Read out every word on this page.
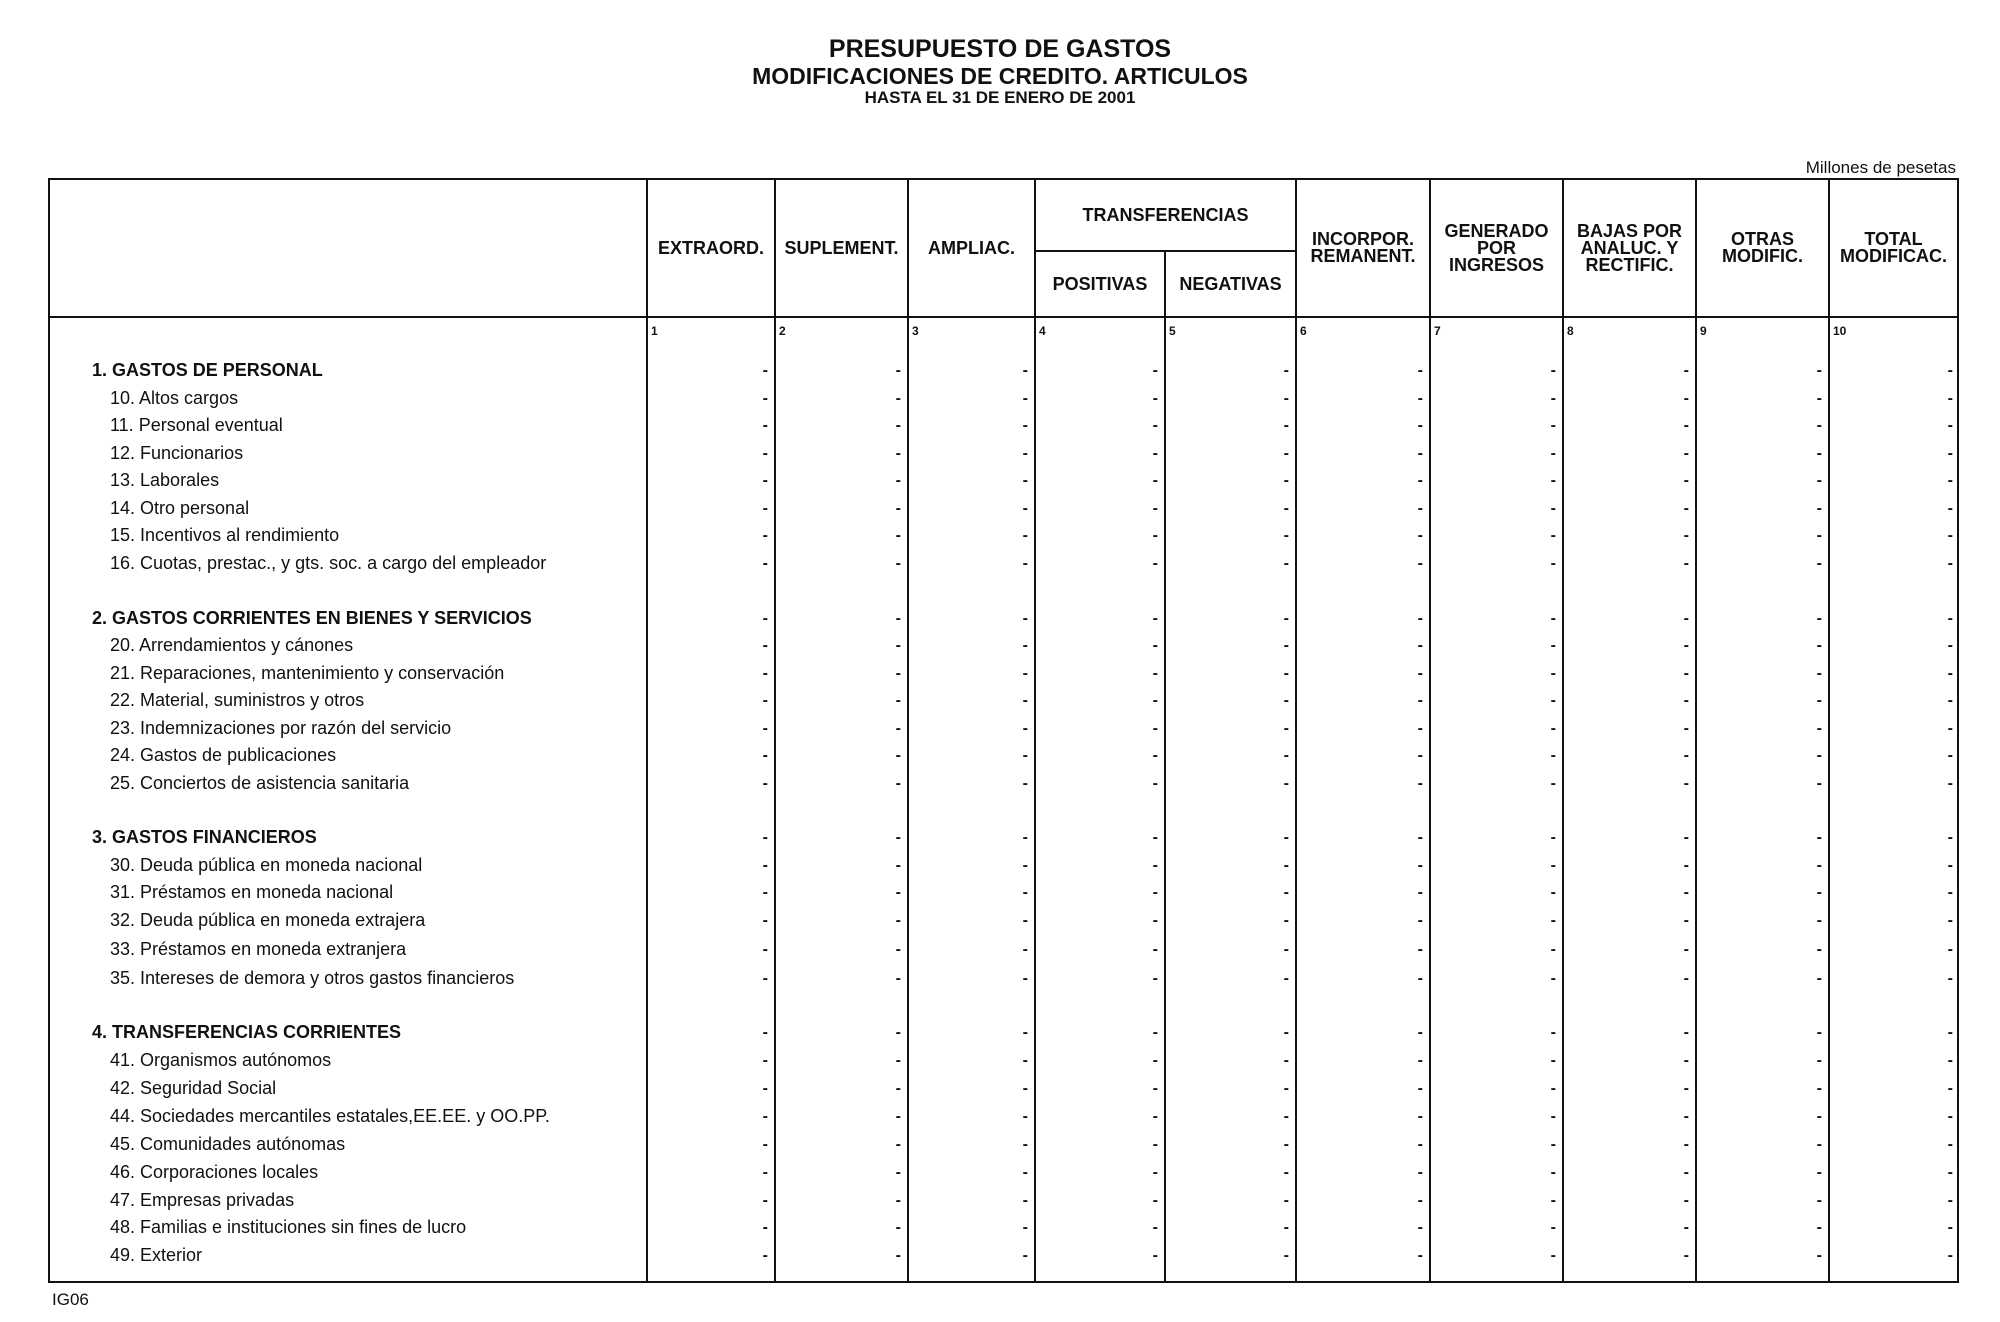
PRESUPUESTO DE GASTOS
MODIFICACIONES DE CREDITO. ARTICULOS
HASTA EL 31 DE ENERO DE 2001
Millones de pesetas
EXTRAORD. SUPLEMENT. AMPLIAC.
TRANSFERENCIAS
POSITIVAS NEGATIVAS
INCORPOR.
REMANENT.
GENERADO
POR
INGRESOS
BAJAS POR
ANALUC. Y
RECTIFIC.
OTRAS
MODIFIC.
TOTAL
MODIFICAC.
1	2	3	4	5	6	7	8	9	10
1. GASTOS DE PERSONAL	-	-	-	-	-	-	-	-	-	-
10. Altos cargos	-	-	-	-	-	-	-	-	-	-
11. Personal eventual	-	-	-	-	-	-	-	-	-	-
12. Funcionarios	-	-	-	-	-	-	-	-	-	-
13. Laborales	-	-	-	-	-	-	-	-	-	-
14. Otro personal	-	-	-	-	-	-	-	-	-	-
15. Incentivos al rendimiento	-	-	-	-	-	-	-	-	-	-
16. Cuotas, prestac., y gts. soc. a cargo del empleador	-	-	-	-	-	-	-	-	-	-
2. GASTOS CORRIENTES EN BIENES Y SERVICIOS	-	-	-	-	-	-	-	-	-	-
20. Arrendamientos y cánones	-	-	-	-	-	-	-	-	-	-
21. Reparaciones, mantenimiento y conservación	-	-	-	-	-	-	-	-	-	-
22. Material, suministros y otros	-	-	-	-	-	-	-	-	-	-
23. Indemnizaciones por razón del servicio	-	-	-	-	-	-	-	-	-	-
24. Gastos de publicaciones	-	-	-	-	-	-	-	-	-	-
25. Conciertos de asistencia sanitaria	-	-	-	-	-	-	-	-	-	-
3. GASTOS FINANCIEROS	-	-	-	-	-	-	-	-	-	-
30. Deuda pública en moneda nacional	-	-	-	-	-	-	-	-	-	-
31. Préstamos en moneda nacional	-	-	-	-	-	-	-	-	-	-
32. Deuda pública en moneda extrajera	-	-	-	-	-	-	-	-	-	-
33. Préstamos en moneda extranjera	-	-	-	-	-	-	-	-	-	-
35. Intereses de demora y otros gastos financieros	-	-	-	-	-	-	-	-	-	-
4. TRANSFERENCIAS CORRIENTES	-	-	-	-	-	-	-	-	-	-
41. Organismos autónomos	-	-	-	-	-	-	-	-	-	-
42. Seguridad Social	-	-	-	-	-	-	-	-	-	-
44. Sociedades mercantiles estatales,EE.EE. y OO.PP.	-	-	-	-	-	-	-	-	-	-
45. Comunidades autónomas	-	-	-	-	-	-	-	-	-	-
46. Corporaciones locales	-	-	-	-	-	-	-	-	-	-
47. Empresas privadas	-	-	-	-	-	-	-	-	-	-
48. Familias e instituciones sin fines de lucro	-	-	-	-	-	-	-	-	-	-
49. Exterior	-	-	-	-	-	-	-	-	-	-
IG06
